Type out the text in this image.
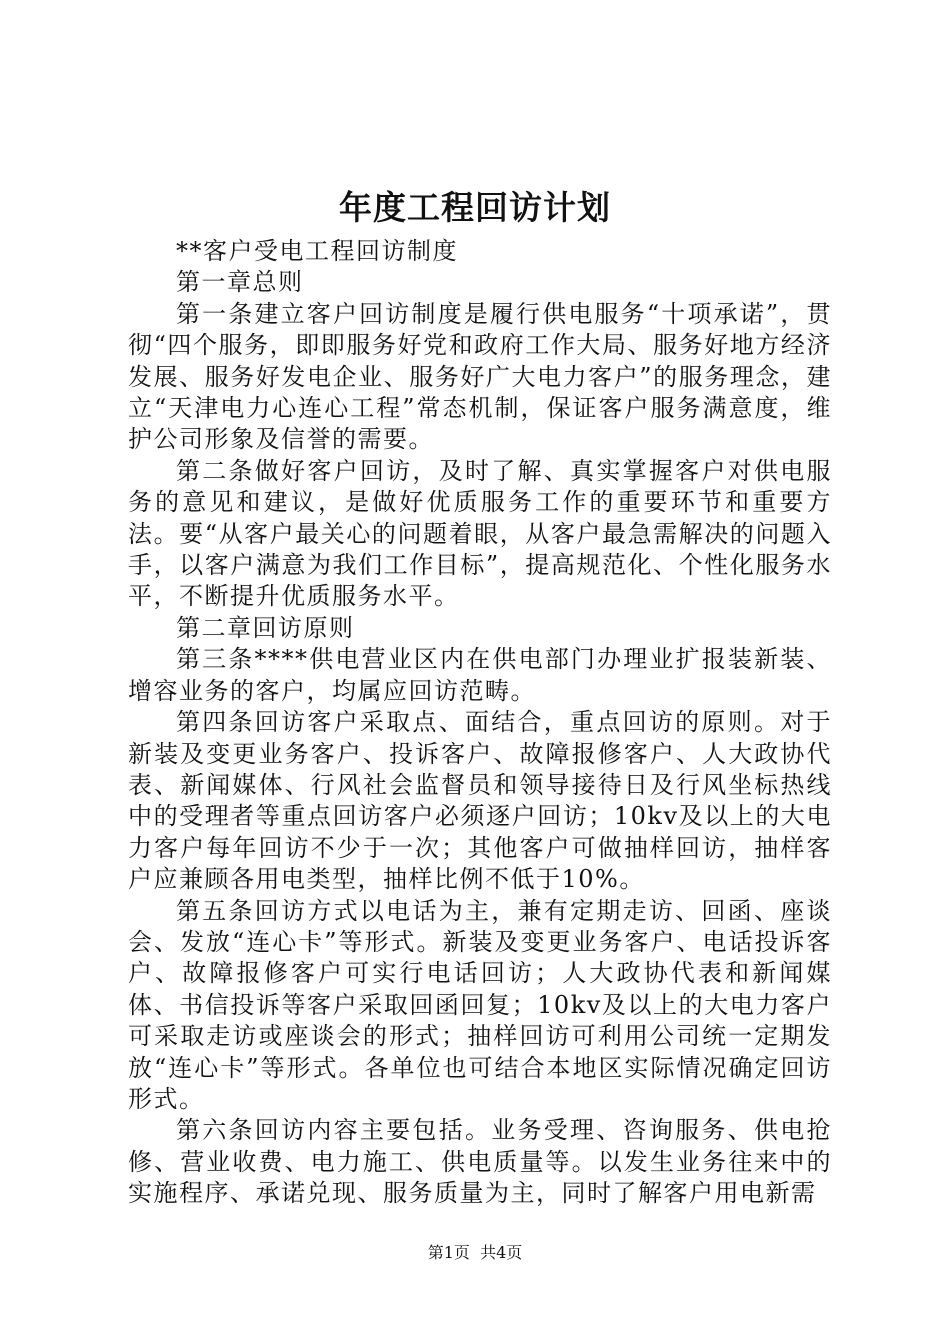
年度工程回访计划

**客户受电工程回访制度

第一章总则

第一条建立客户回访制度是履行供电服务“十项承诺”，贯彻“四个服务，即即服务好党和政府工作大局、服务好地方经济发展、服务好发电企业、服务好广大电力客户”的服务理念，建立“天津电力心连心工程”常态机制，保证客户服务满意度，维护公司形象及信誉的需要。

第二条做好客户回访，及时了解、真实掌握客户对供电服务的意见和建议，是做好优质服务工作的重要环节和重要方法。要“从客户最关心的问题着眼，从客户最急需解决的问题入手，以客户满意为我们工作目标”，提高规范化、个性化服务水平，不断提升优质服务水平。

第二章回访原则

第三条****供电营业区内在供电部门办理业扩报装新装、增容业务的客户，均属应回访范畴。

第四条回访客户采取点、面结合，重点回访的原则。对于新装及变更业务客户、投诉客户、故障报修客户、人大政协代表、新闻媒体、行风社会监督员和领导接待日及行风坐标热线中的受理者等重点回访客户必须逐户回访；10kv及以上的大电力客户每年回访不少于一次；其他客户可做抽样回访，抽样客户应兼顾各用电类型，抽样比例不低于10%。

第五条回访方式以电话为主，兼有定期走访、回函、座谈会、发放“连心卡”等形式。新装及变更业务客户、电话投诉客户、故障报修客户可实行电话回访；人大政协代表和新闻媒体、书信投诉等客户采取回函回复；10kv及以上的大电力客户可采取走访或座谈会的形式；抽样回访可利用公司统一定期发放“连心卡”等形式。各单位也可结合本地区实际情况确定回访形式。

第六条回访内容主要包括。业务受理、咨询服务、供电抢修、营业收费、电力施工、供电质量等。以发生业务往来中的实施程序、承诺兑现、服务质量为主，同时了解客户用电新需

第1页  共4页
